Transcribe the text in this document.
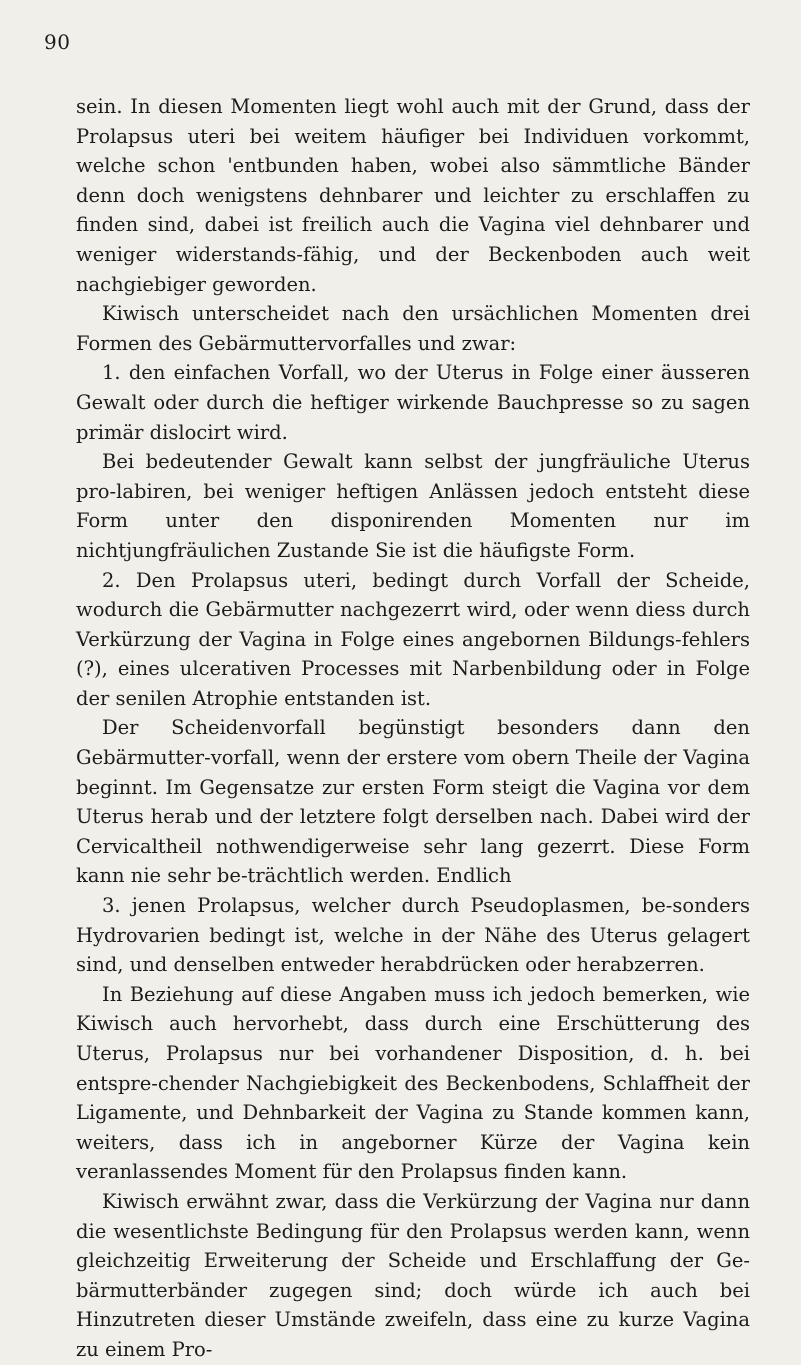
90

sein. In diesen Momenten liegt wohl auch mit der Grund, dass der Prolapsus uteri bei weitem häufiger bei Individuen vorkommt, welche schon 'entbunden haben, wobei also sämmtliche Bänder denn doch wenigstens dehnbarer und leichter zu erschlaffen zu finden sind, dabei ist freilich auch die Vagina viel dehnbarer und weniger widerstands-fähig, und der Beckenboden auch weit nachgiebiger geworden.

Kiwisch unterscheidet nach den ursächlichen Momenten drei Formen des Gebärmuttervorfalles und zwar:

1. den einfachen Vorfall, wo der Uterus in Folge einer äusseren Gewalt oder durch die heftiger wirkende Bauchpresse so zu sagen primär dislocirt wird.

Bei bedeutender Gewalt kann selbst der jungfräuliche Uterus pro-labiren, bei weniger heftigen Anlässen jedoch entsteht diese Form unter den disponirenden Momenten nur im nichtjungfräulichen Zustande Sie ist die häufigste Form.

2. Den Prolapsus uteri, bedingt durch Vorfall der Scheide, wodurch die Gebärmutter nachgezerrt wird, oder wenn diess durch Verkürzung der Vagina in Folge eines angebornen Bildungs-fehlers (?), eines ulcerativen Processes mit Narbenbildung oder in Folge der senilen Atrophie entstanden ist.

Der Scheidenvorfall begünstigt besonders dann den Gebärmutter-vorfall, wenn der erstere vom obern Theile der Vagina beginnt. Im Gegensatze zur ersten Form steigt die Vagina vor dem Uterus herab und der letztere folgt derselben nach. Dabei wird der Cervicaltheil nothwendigerweise sehr lang gezerrt. Diese Form kann nie sehr be-trächtlich werden. Endlich

3. jenen Prolapsus, welcher durch Pseudoplasmen, be-sonders Hydrovarien bedingt ist, welche in der Nähe des Uterus gelagert sind, und denselben entweder herabdrücken oder herabzerren.

In Beziehung auf diese Angaben muss ich jedoch bemerken, wie Kiwisch auch hervorhebt, dass durch eine Erschütterung des Uterus, Prolapsus nur bei vorhandener Disposition, d. h. bei entspre-chender Nachgiebigkeit des Beckenbodens, Schlaffheit der Ligamente, und Dehnbarkeit der Vagina zu Stande kommen kann, weiters, dass ich in angeborner Kürze der Vagina kein veranlassendes Moment für den Prolapsus finden kann.

Kiwisch erwähnt zwar, dass die Verkürzung der Vagina nur dann die wesentlichste Bedingung für den Prolapsus werden kann, wenn gleichzeitig Erweiterung der Scheide und Erschlaffung der Ge-bärmutterbänder zugegen sind; doch würde ich auch bei Hinzutreten dieser Umstände zweifeln, dass eine zu kurze Vagina zu einem Pro-
